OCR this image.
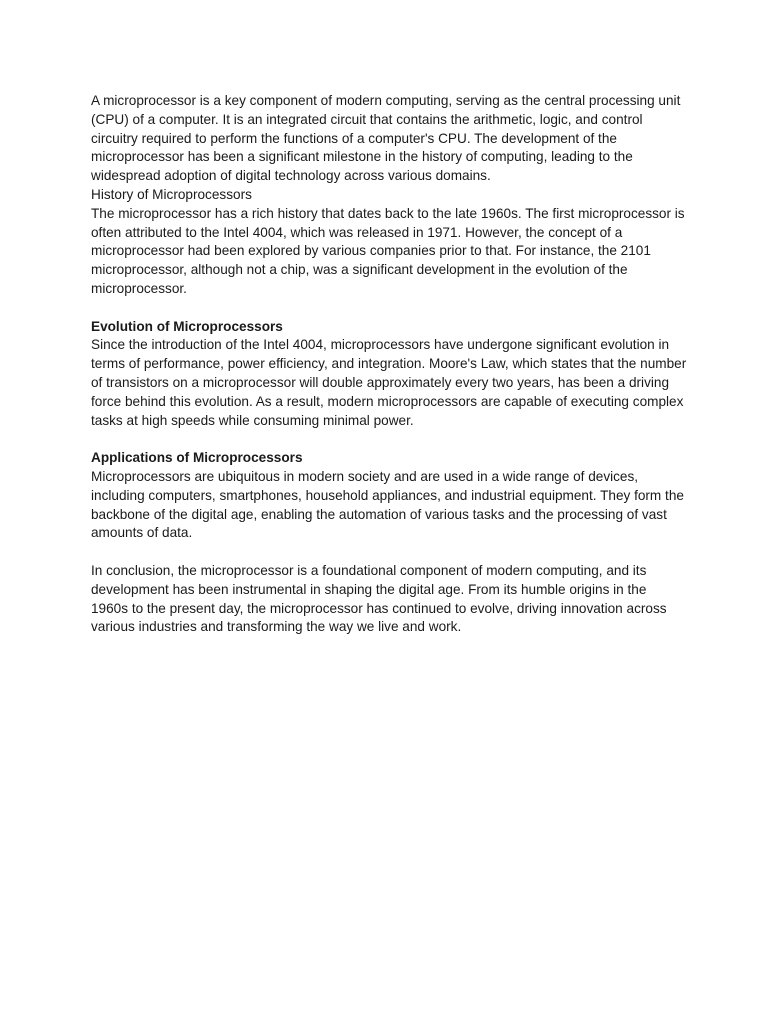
A microprocessor is a key component of modern computing, serving as the central processing unit (CPU) of a computer. It is an integrated circuit that contains the arithmetic, logic, and control circuitry required to perform the functions of a computer's CPU. The development of the microprocessor has been a significant milestone in the history of computing, leading to the widespread adoption of digital technology across various domains.

History of Microprocessors

The microprocessor has a rich history that dates back to the late 1960s. The first microprocessor is often attributed to the Intel 4004, which was released in 1971. However, the concept of a microprocessor had been explored by various companies prior to that. For instance, the 2101 microprocessor, although not a chip, was a significant development in the evolution of the microprocessor.

Evolution of Microprocessors

Since the introduction of the Intel 4004, microprocessors have undergone significant evolution in terms of performance, power efficiency, and integration. Moore's Law, which states that the number of transistors on a microprocessor will double approximately every two years, has been a driving force behind this evolution. As a result, modern microprocessors are capable of executing complex tasks at high speeds while consuming minimal power.

Applications of Microprocessors

Microprocessors are ubiquitous in modern society and are used in a wide range of devices, including computers, smartphones, household appliances, and industrial equipment. They form the backbone of the digital age, enabling the automation of various tasks and the processing of vast amounts of data.

In conclusion, the microprocessor is a foundational component of modern computing, and its development has been instrumental in shaping the digital age. From its humble origins in the 1960s to the present day, the microprocessor has continued to evolve, driving innovation across various industries and transforming the way we live and work.
